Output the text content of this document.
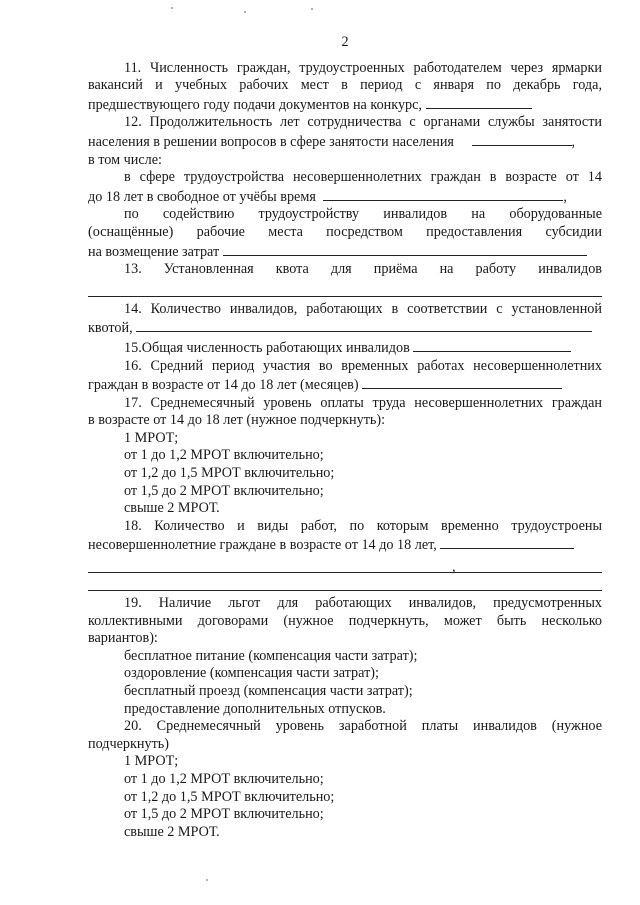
2
11. Численность граждан, трудоустроенных работодателем через ярмарки
вакансий и учебных рабочих мест в период с января по декабрь года,
предшествующего году подачи документов на конкурс,
12. Продолжительность лет сотрудничества с органами службы занятости
населения в решении вопросов в сфере занятости населения	,
в том числе:
в сфере трудоустройства несовершеннолетних граждан в возрасте от 14
до 18 лет в свободное от учёбы время	,
по содействию трудоустройству инвалидов на оборудованные
(оснащённые) рабочие места посредством предоставления субсидии
на возмещение затрат
13. Установленная квота для приёма на работу инвалидов
14. Количество инвалидов, работающих в соответствии с установленной
квотой,
15.Общая численность работающих инвалидов
16. Средний период участия во временных работах несовершеннолетних
граждан в возрасте от 14 до 18 лет (месяцев)
17. Среднемесячный уровень оплаты труда несовершеннолетних граждан
в возрасте от 14 до 18 лет (нужное подчеркнуть):
1 МРОТ;
от 1 до 1,2 МРОТ включительно;
от 1,2 до 1,5 МРОТ включительно;
от 1,5 до 2 МРОТ включительно;
свыше 2 МРОТ.
18. Количество и виды работ, по которым временно трудоустроены
несовершеннолетние граждане в возрасте от 14 до 18 лет,
,
19. Наличие льгот для работающих инвалидов, предусмотренных
коллективными договорами (нужное подчеркнуть, может быть несколько
вариантов):
бесплатное питание (компенсация части затрат);
оздоровление (компенсация части затрат);
бесплатный проезд (компенсация части затрат);
предоставление дополнительных отпусков.
20. Среднемесячный уровень заработной платы инвалидов (нужное
подчеркнуть)
1 МРОТ;
от 1 до 1,2 МРОТ включительно;
от 1,2 до 1,5 МРОТ включительно;
от 1,5 до 2 МРОТ включительно;
свыше 2 МРОТ.
